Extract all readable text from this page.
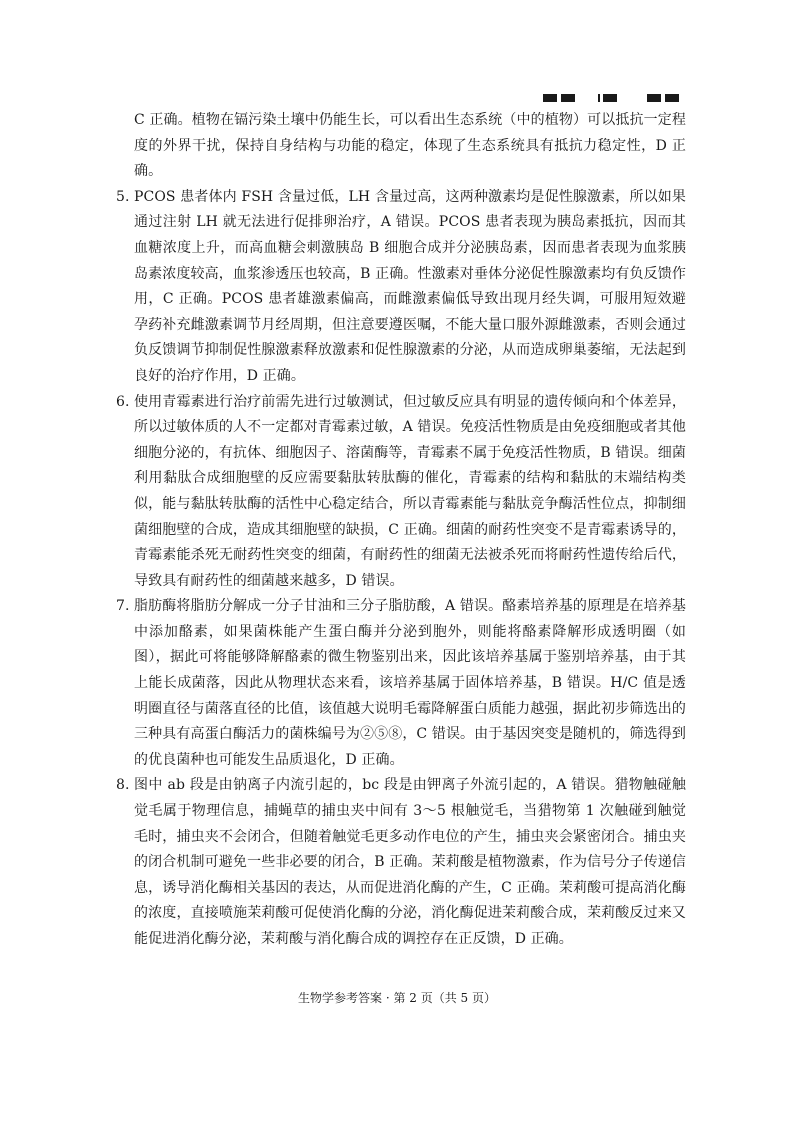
C 正确。植物在镉污染土壤中仍能生长，可以看出生态系统（中的植物）可以抵抗一定程度的外界干扰，保持自身结构与功能的稳定，体现了生态系统具有抵抗力稳定性，D 正确。

5. PCOS 患者体内 FSH 含量过低，LH 含量过高，这两种激素均是促性腺激素，所以如果通过注射 LH 就无法进行促排卵治疗，A 错误。PCOS 患者表现为胰岛素抵抗，因而其血糖浓度上升，而高血糖会刺激胰岛 B 细胞合成并分泌胰岛素，因而患者表现为血浆胰岛素浓度较高，血浆渗透压也较高，B 正确。性激素对垂体分泌促性腺激素均有负反馈作用，C 正确。PCOS 患者雄激素偏高，而雌激素偏低导致出现月经失调，可服用短效避孕药补充雌激素调节月经周期，但注意要遵医嘱，不能大量口服外源雌激素，否则会通过负反馈调节抑制促性腺激素释放激素和促性腺激素的分泌，从而造成卵巢萎缩，无法起到良好的治疗作用，D 正确。

6. 使用青霉素进行治疗前需先进行过敏测试，但过敏反应具有明显的遗传倾向和个体差异，所以过敏体质的人不一定都对青霉素过敏，A 错误。免疫活性物质是由免疫细胞或者其他细胞分泌的，有抗体、细胞因子、溶菌酶等，青霉素不属于免疫活性物质，B 错误。细菌利用黏肽合成细胞壁的反应需要黏肽转肽酶的催化，青霉素的结构和黏肽的末端结构类似，能与黏肽转肽酶的活性中心稳定结合，所以青霉素能与黏肽竞争酶活性位点，抑制细菌细胞壁的合成，造成其细胞壁的缺损，C 正确。细菌的耐药性突变不是青霉素诱导的，青霉素能杀死无耐药性突变的细菌，有耐药性的细菌无法被杀死而将耐药性遗传给后代，导致具有耐药性的细菌越来越多，D 错误。

7. 脂肪酶将脂肪分解成一分子甘油和三分子脂肪酸，A 错误。酪素培养基的原理是在培养基中添加酪素，如果菌株能产生蛋白酶并分泌到胞外，则能将酪素降解形成透明圈（如图），据此可将能够降解酪素的微生物鉴别出来，因此该培养基属于鉴别培养基，由于其上能长成菌落，因此从物理状态来看，该培养基属于固体培养基，B 错误。H/C 值是透明圈直径与菌落直径的比值，该值越大说明毛霉降解蛋白质能力越强，据此初步筛选出的三种具有高蛋白酶活力的菌株编号为②⑤⑧，C 错误。由于基因突变是随机的，筛选得到的优良菌种也可能发生品质退化，D 正确。

8. 图中 ab 段是由钠离子内流引起的，bc 段是由钾离子外流引起的，A 错误。猎物触碰触觉毛属于物理信息，捕蝇草的捕虫夹中间有 3～5 根触觉毛，当猎物第 1 次触碰到触觉毛时，捕虫夹不会闭合，但随着触觉毛更多动作电位的产生，捕虫夹会紧密闭合。捕虫夹的闭合机制可避免一些非必要的闭合，B 正确。茉莉酸是植物激素，作为信号分子传递信息，诱导消化酶相关基因的表达，从而促进消化酶的产生，C 正确。茉莉酸可提高消化酶的浓度，直接喷施茉莉酸可促使消化酶的分泌，消化酶促进茉莉酸合成，茉莉酸反过来又能促进消化酶分泌，茉莉酸与消化酶合成的调控存在正反馈，D 正确。

生物学参考答案 · 第 2 页（共 5 页）
